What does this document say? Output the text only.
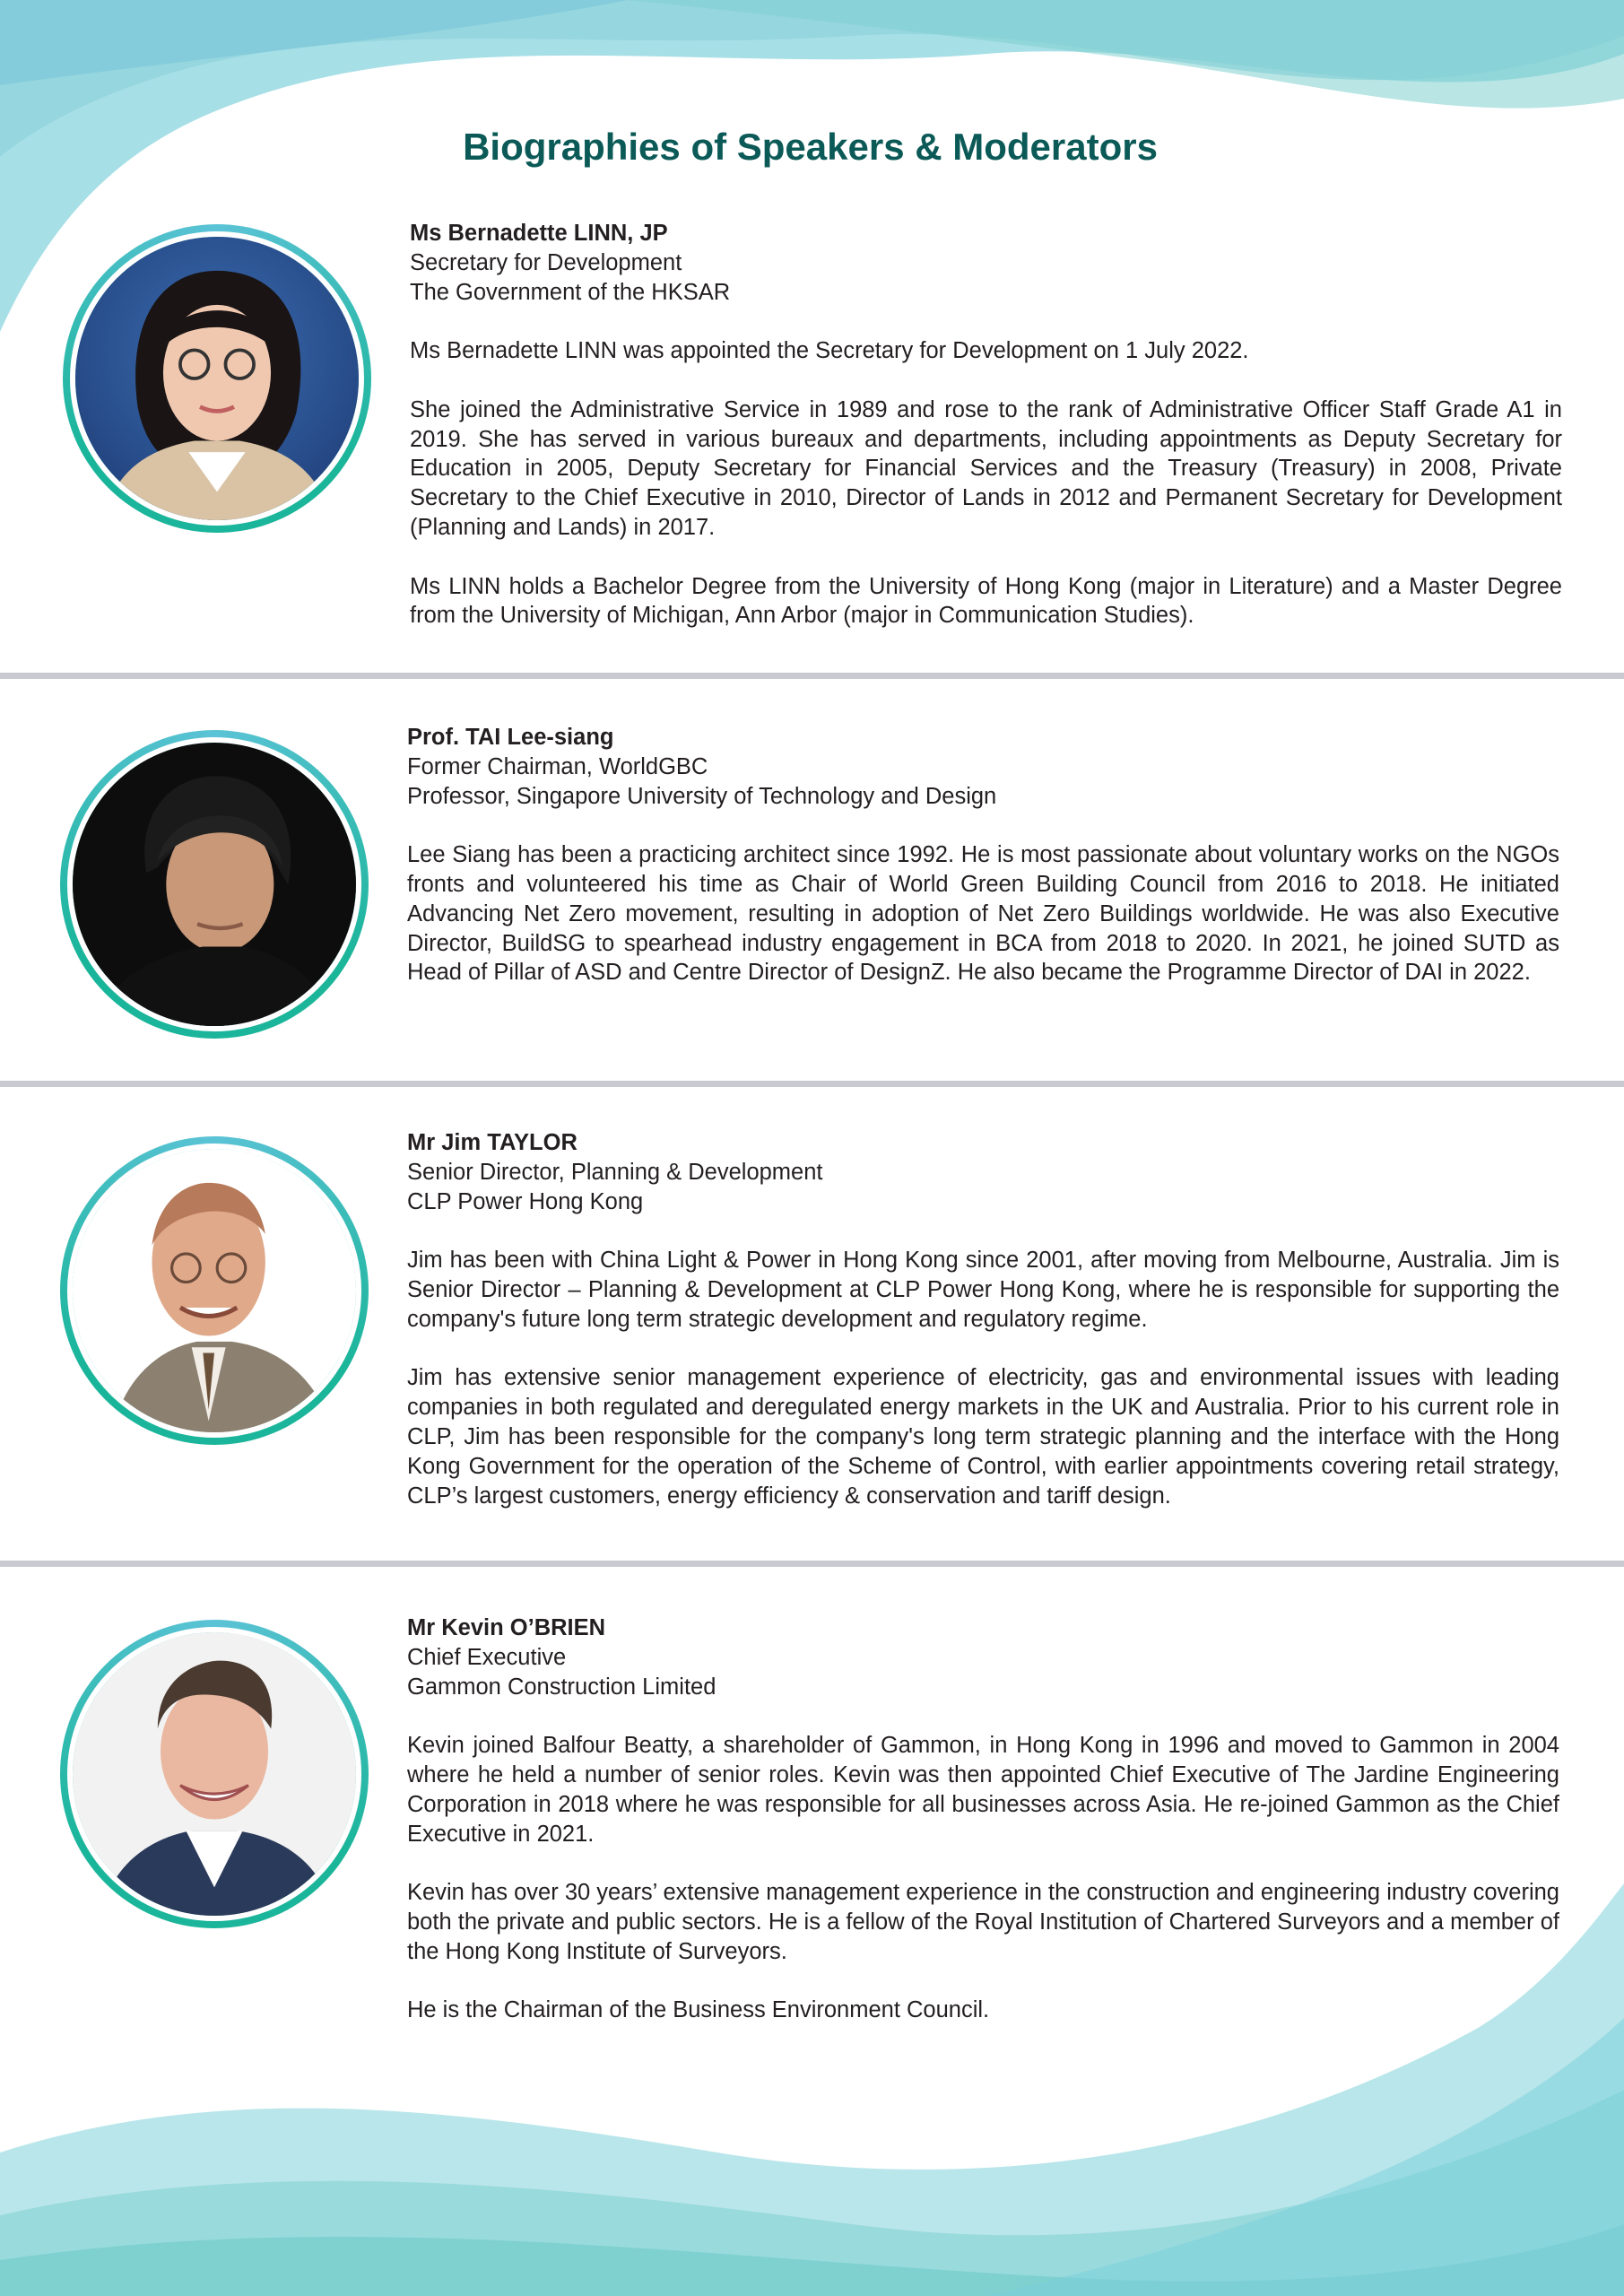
Biographies of Speakers & Moderators
Ms Bernadette LINN, JP
Secretary for Development
The Government of the HKSAR

Ms Bernadette LINN was appointed the Secretary for Development on 1 July 2022.

She joined the Administrative Service in 1989 and rose to the rank of Administrative Officer Staff Grade A1 in 2019. She has served in various bureaux and departments, including appointments as Deputy Secretary for Education in 2005, Deputy Secretary for Financial Services and the Treasury (Treasury) in 2008, Private Secretary to the Chief Executive in 2010, Director of Lands in 2012 and Permanent Secretary for Development (Planning and Lands) in 2017.

Ms LINN holds a Bachelor Degree from the University of Hong Kong (major in Literature) and a Master Degree from the University of Michigan, Ann Arbor (major in Communication Studies).

Prof. TAI Lee-siang
Former Chairman, WorldGBC
Professor, Singapore University of Technology and Design

Lee Siang has been a practicing architect since 1992. He is most passionate about voluntary works on the NGOs fronts and volunteered his time as Chair of World Green Building Council from 2016 to 2018. He initiated Advancing Net Zero movement, resulting in adoption of Net Zero Buildings worldwide. He was also Executive Director, BuildSG to spearhead industry engagement in BCA from 2018 to 2020. In 2021, he joined SUTD as Head of Pillar of ASD and Centre Director of DesignZ. He also became the Programme Director of DAI in 2022.

Mr Jim TAYLOR
Senior Director, Planning & Development
CLP Power Hong Kong

Jim has been with China Light & Power in Hong Kong since 2001, after moving from Melbourne, Australia. Jim is Senior Director – Planning & Development at CLP Power Hong Kong, where he is responsible for supporting the company's future long term strategic development and regulatory regime.

Jim has extensive senior management experience of electricity, gas and environmental issues with leading companies in both regulated and deregulated energy markets in the UK and Australia. Prior to his current role in CLP, Jim has been responsible for the company's long term strategic planning and the interface with the Hong Kong Government for the operation of the Scheme of Control, with earlier appointments covering retail strategy, CLP’s largest customers, energy efficiency & conservation and tariff design.

Mr Kevin O’BRIEN
Chief Executive
Gammon Construction Limited

Kevin joined Balfour Beatty, a shareholder of Gammon, in Hong Kong in 1996 and moved to Gammon in 2004 where he held a number of senior roles. Kevin was then appointed Chief Executive of The Jardine Engineering Corporation in 2018 where he was responsible for all businesses across Asia. He re-joined Gammon as the Chief Executive in 2021.

Kevin has over 30 years’ extensive management experience in the construction and engineering industry covering both the private and public sectors. He is a fellow of the Royal Institution of Chartered Surveyors and a member of the Hong Kong Institute of Surveyors.

He is the Chairman of the Business Environment Council.
